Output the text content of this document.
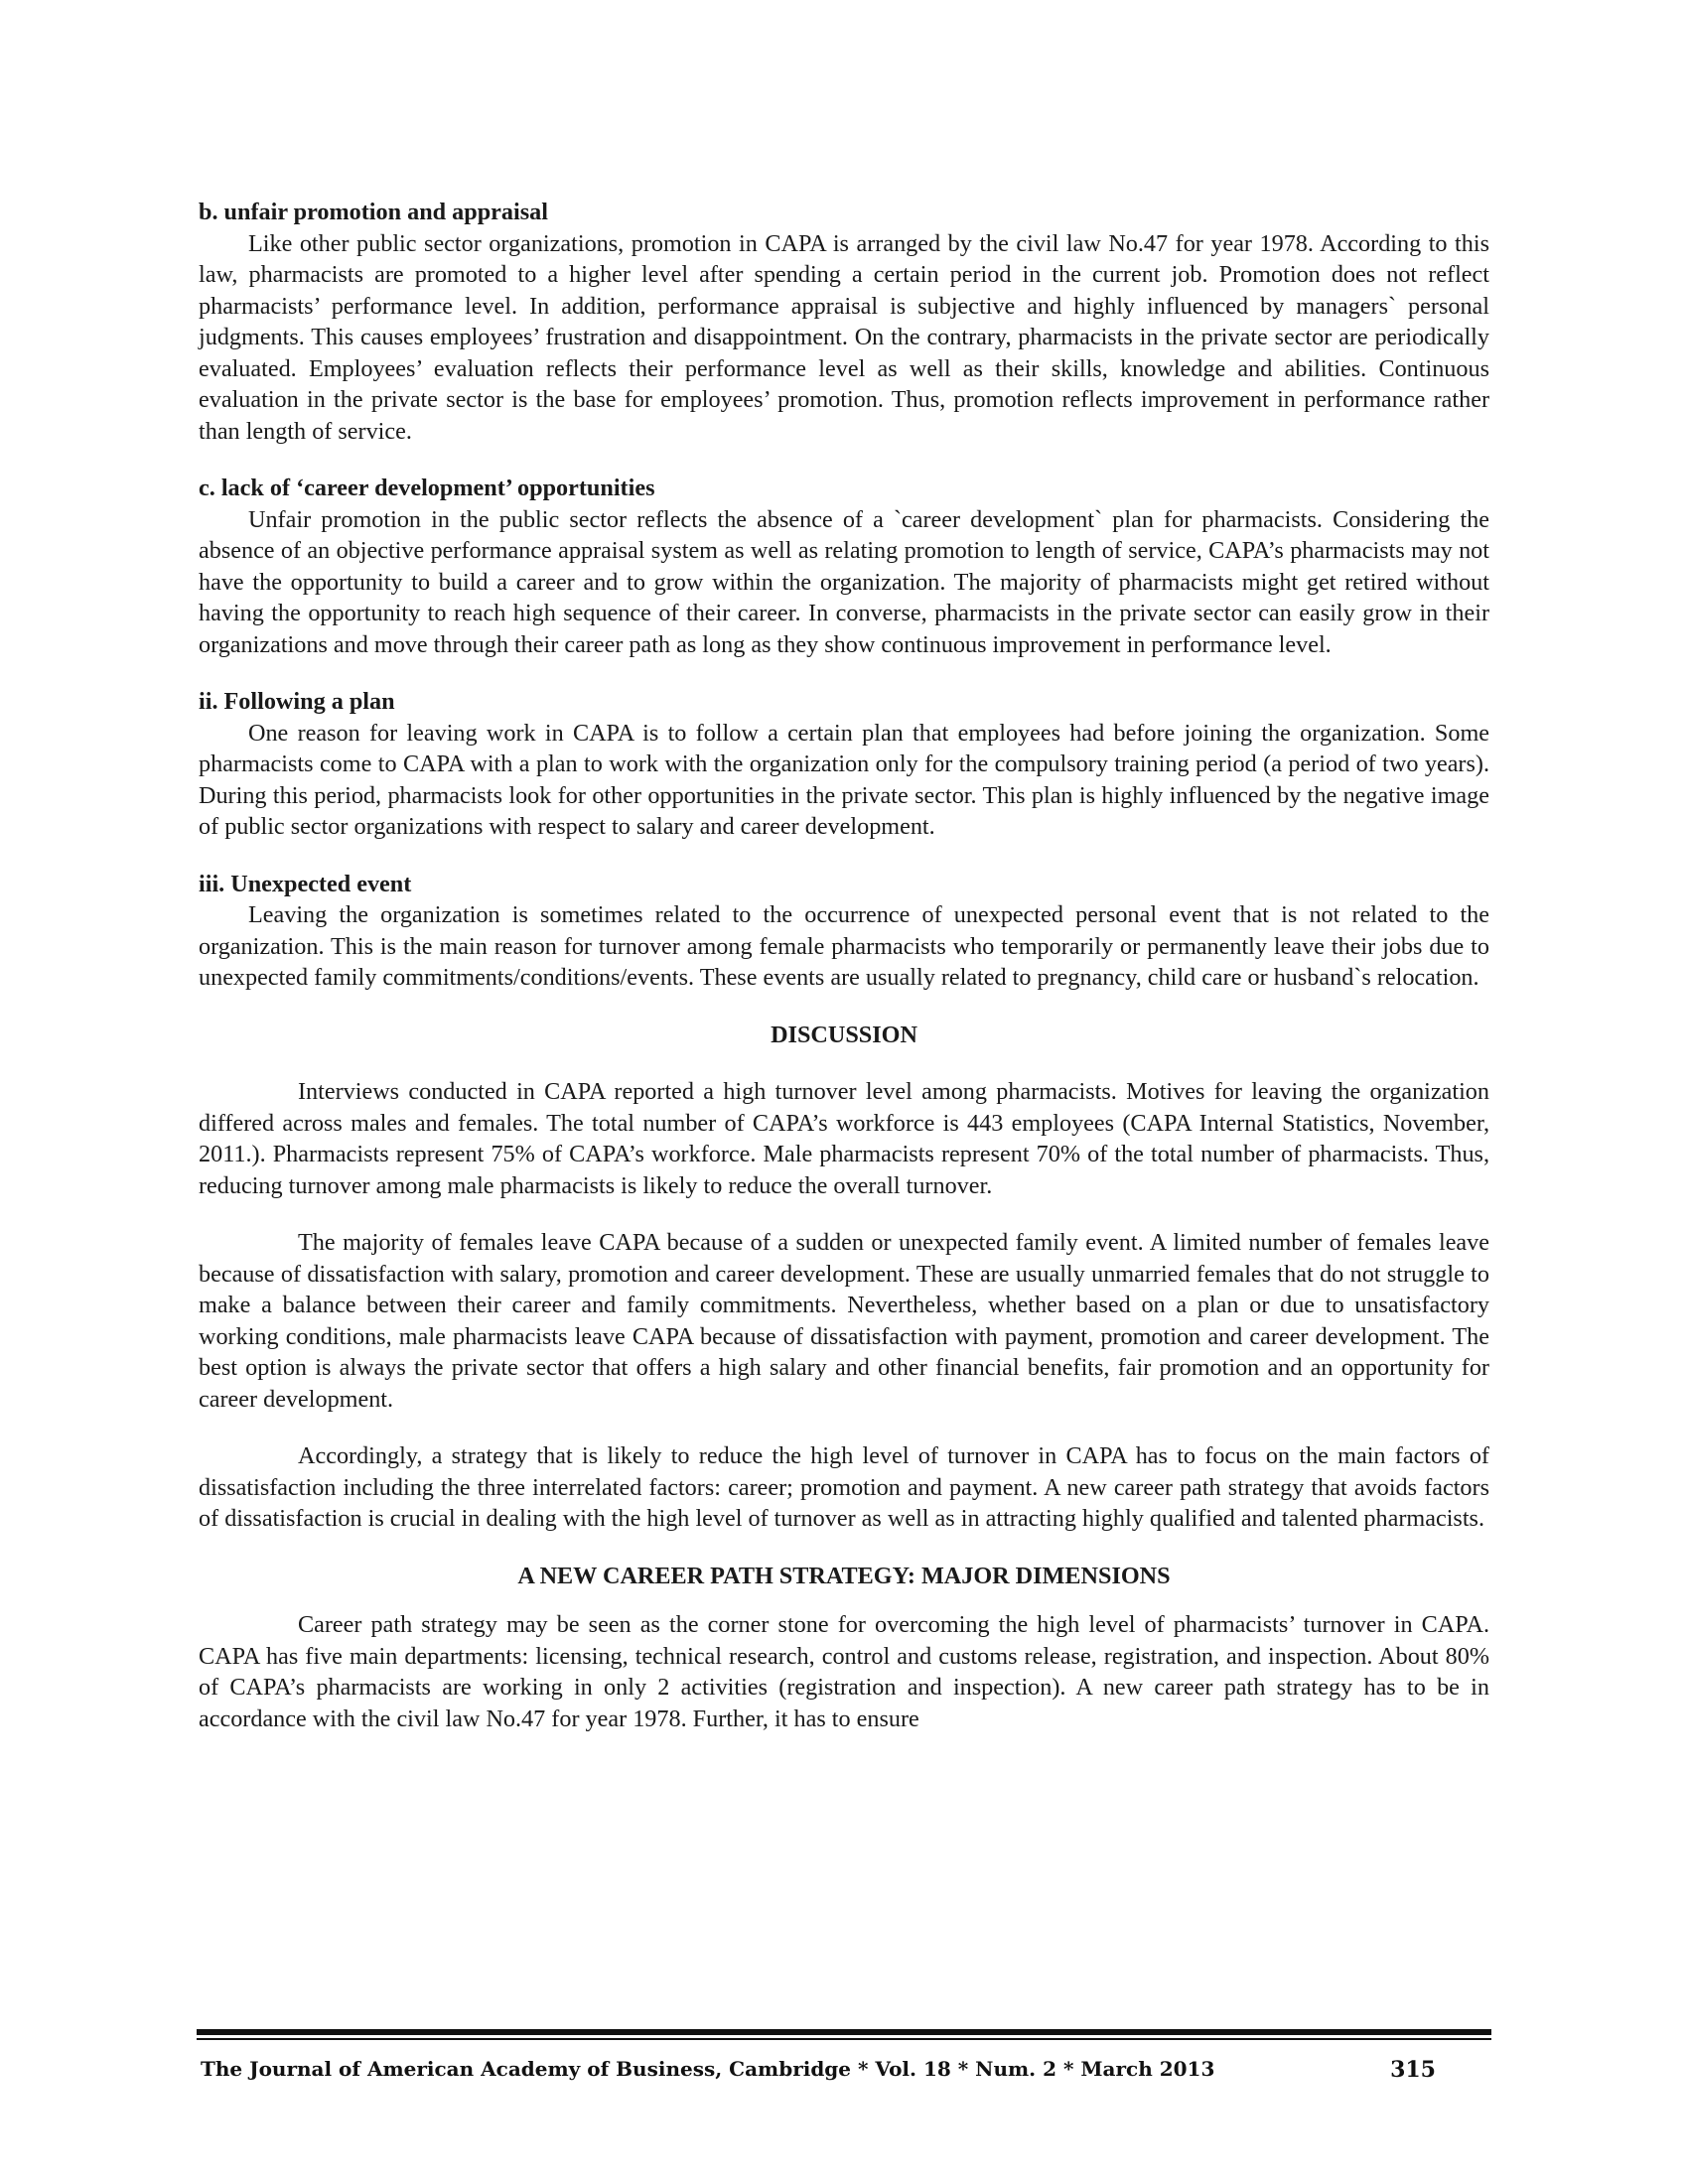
b. unfair promotion and appraisal

Like other public sector organizations, promotion in CAPA is arranged by the civil law No.47 for year 1978. According to this law, pharmacists are promoted to a higher level after spending a certain period in the current job. Promotion does not reflect pharmacists’ performance level. In addition, performance appraisal is subjective and highly influenced by managers` personal judgments. This causes employees’ frustration and disappointment. On the contrary, pharmacists in the private sector are periodically evaluated. Employees’ evaluation reflects their performance level as well as their skills, knowledge and abilities. Continuous evaluation in the private sector is the base for employees’ promotion. Thus, promotion reflects improvement in performance rather than length of service.

c. lack of ‘career development’ opportunities

Unfair promotion in the public sector reflects the absence of a `career development` plan for pharmacists. Considering the absence of an objective performance appraisal system as well as relating promotion to length of service, CAPA’s pharmacists may not have the opportunity to build a career and to grow within the organization. The majority of pharmacists might get retired without having the opportunity to reach high sequence of their career. In converse, pharmacists in the private sector can easily grow in their organizations and move through their career path as long as they show continuous improvement in performance level.

ii. Following a plan

One reason for leaving work in CAPA is to follow a certain plan that employees had before joining the organization. Some pharmacists come to CAPA with a plan to work with the organization only for the compulsory training period (a period of two years). During this period, pharmacists look for other opportunities in the private sector. This plan is highly influenced by the negative image of public sector organizations with respect to salary and career development.

iii. Unexpected event

Leaving the organization is sometimes related to the occurrence of unexpected personal event that is not related to the organization. This is the main reason for turnover among female pharmacists who temporarily or permanently leave their jobs due to unexpected family commitments/conditions/events. These events are usually related to pregnancy, child care or husband`s relocation.

DISCUSSION

Interviews conducted in CAPA reported a high turnover level among pharmacists. Motives for leaving the organization differed across males and females. The total number of CAPA’s workforce is 443 employees (CAPA Internal Statistics, November, 2011.). Pharmacists represent 75% of CAPA’s workforce. Male pharmacists represent 70% of the total number of pharmacists. Thus, reducing turnover among male pharmacists is likely to reduce the overall turnover.

The majority of females leave CAPA because of a sudden or unexpected family event. A limited number of females leave because of dissatisfaction with salary, promotion and career development. These are usually unmarried females that do not struggle to make a balance between their career and family commitments. Nevertheless, whether based on a plan or due to unsatisfactory working conditions, male pharmacists leave CAPA because of dissatisfaction with payment, promotion and career development. The best option is always the private sector that offers a high salary and other financial benefits, fair promotion and an opportunity for career development.

Accordingly, a strategy that is likely to reduce the high level of turnover in CAPA has to focus on the main factors of dissatisfaction including the three interrelated factors: career; promotion and payment. A new career path strategy that avoids factors of dissatisfaction is crucial in dealing with the high level of turnover as well as in attracting highly qualified and talented pharmacists.

A NEW CAREER PATH STRATEGY: MAJOR DIMENSIONS

Career path strategy may be seen as the corner stone for overcoming the high level of pharmacists’ turnover in CAPA. CAPA has five main departments: licensing, technical research, control and customs release, registration, and inspection. About 80% of CAPA’s pharmacists are working in only 2 activities (registration and inspection). A new career path strategy has to be in accordance with the civil law No.47 for year 1978. Further, it has to ensure

The Journal of American Academy of Business, Cambridge * Vol. 18 * Num. 2 * March 2013	315
